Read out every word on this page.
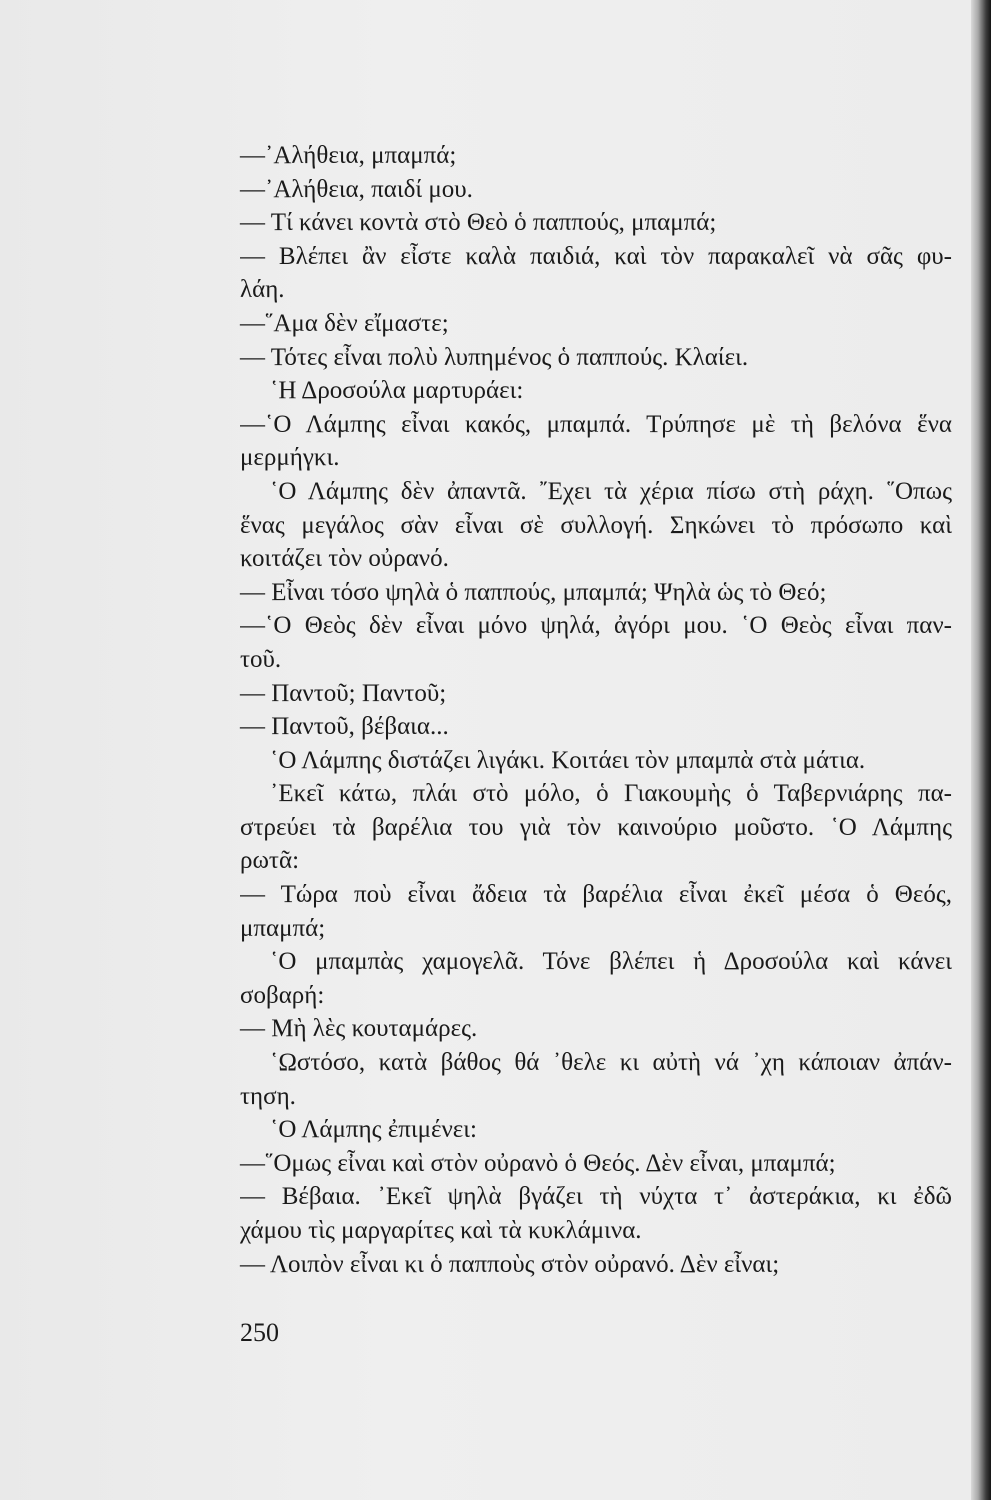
—᾿Αλήθεια, μπαμπά;
—᾿Αλήθεια, παιδί μου.
— Τί κάνει κοντὰ στὸ Θεὸ ὁ παππούς, μπαμπά;
— Βλέπει ἂν εἶστε καλὰ παιδιά, καὶ τὸν παρακαλεῖ νὰ σᾶς φυ-
λάη.
—῞Αμα δὲν εἴμαστε;
— Τότες εἶναι πολὺ λυπημένος ὁ παππούς. Κλαίει.
῾Η Δροσούλα μαρτυράει:
—῾Ο Λάμπης εἶναι κακός, μπαμπά. Τρύπησε μὲ τὴ βελόνα ἕνα
μερμήγκι.
῾Ο Λάμπης δὲν ἀπαντᾶ. ῎Εχει τὰ χέρια πίσω στὴ ράχη. ῞Οπως
ἕνας μεγάλος σὰν εἶναι σὲ συλλογή. Σηκώνει τὸ πρόσωπο καὶ
κοιτάζει τὸν οὐρανό.
— Εἶναι τόσο ψηλὰ ὁ παππούς, μπαμπά; Ψηλὰ ὡς τὸ Θεό;
—῾Ο Θεὸς δὲν εἶναι μόνο ψηλά, ἀγόρι μου. ῾Ο Θεὸς εἶναι παν-
τοῦ.
— Παντοῦ; Παντοῦ;
— Παντοῦ, βέβαια...
῾Ο Λάμπης διστάζει λιγάκι. Κοιτάει τὸν μπαμπὰ στὰ μάτια.
᾿Εκεῖ κάτω, πλάι στὸ μόλο, ὁ Γιακουμὴς ὁ Ταβερνιάρης πα-
στρεύει τὰ βαρέλια του γιὰ τὸν καινούριο μοῦστο. ῾Ο Λάμπης
ρωτᾶ:
— Τώρα ποὺ εἶναι ἄδεια τὰ βαρέλια εἶναι ἐκεῖ μέσα ὁ Θεός,
μπαμπά;
῾Ο μπαμπὰς χαμογελᾶ. Τόνε βλέπει ἡ Δροσούλα καὶ κάνει
σοβαρή:
— Μὴ λὲς κουταμάρες.
῾Ωστόσο, κατὰ βάθος θά ᾿θελε κι αὐτὴ νά ᾿χη κάποιαν ἀπάν-
τηση.
῾Ο Λάμπης ἐπιμένει:
—῞Ομως εἶναι καὶ στὸν οὐρανὸ ὁ Θεός. Δὲν εἶναι, μπαμπά;
— Βέβαια. ᾿Εκεῖ ψηλὰ βγάζει τὴ νύχτα τ᾿ ἀστεράκια, κι ἐδῶ
χάμου τὶς μαργαρίτες καὶ τὰ κυκλάμινα.
— Λοιπὸν εἶναι κι ὁ παπποὺς στὸν οὐρανό. Δὲν εἶναι;
250
